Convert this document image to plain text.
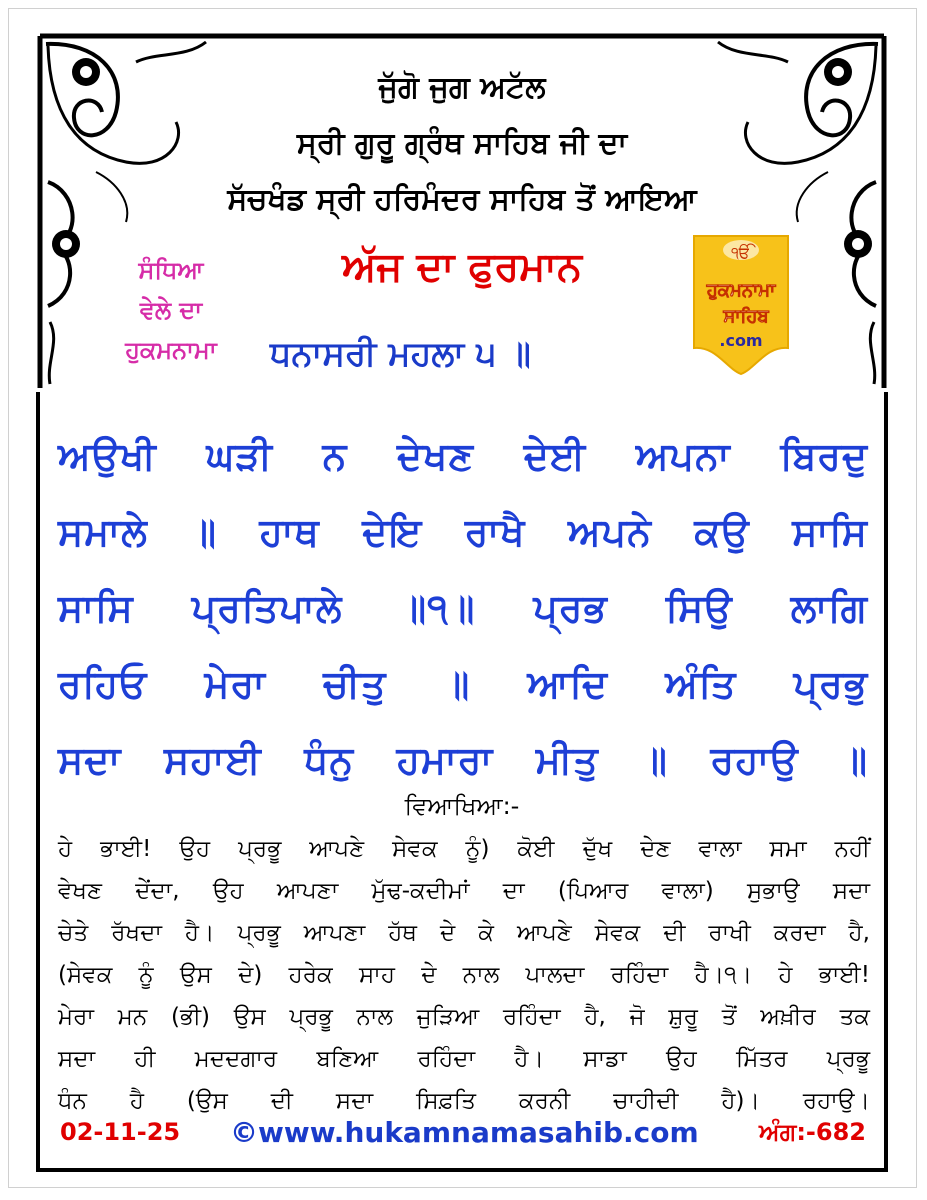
ਜੁੱਗੋ ਜੁਗ ਅਟੱਲ
ਸ੍ਰੀ ਗੁਰੂ ਗ੍ਰੰਥ ਸਾਹਿਬ ਜੀ ਦਾ
ਸੱਚਖੰਡ ਸ੍ਰੀ ਹਰਿਮੰਦਰ ਸਾਹਿਬ ਤੋਂ ਆਇਆ
ਅੱਜ ਦਾ ਫੁਰਮਾਨ
ਸੰਧਿਆ
ਵੇਲੇ ਦਾ
ਹੁਕਮਨਾਮਾ	ਧਨਾਸਰੀ ਮਹਲਾ ੫ ॥
ੴ
ਹੁਕਮਨਾਮਾ
ਸਾਹਿਬ
.com
ਅਉਖੀ ਘੜੀ ਨ ਦੇਖਣ ਦੇਈ ਅਪਨਾ ਬਿਰਦੁ
ਸਮਾਲੇ ॥ ਹਾਥ ਦੇਇ ਰਾਖੈ ਅਪਨੇ ਕਉ ਸਾਸਿ
ਸਾਸਿ ਪ੍ਰਤਿਪਾਲੇ ॥੧॥ ਪ੍ਰਭ ਸਿਉ ਲਾਗਿ
ਰਹਿਓ ਮੇਰਾ ਚੀਤੁ ॥ ਆਦਿ ਅੰਤਿ ਪ੍ਰਭੁ
ਸਦਾ ਸਹਾਈ ਧੰਨੁ ਹਮਾਰਾ ਮੀਤੁ ॥ ਰਹਾਉ ॥
ਵਿਆਖਿਆ:-
ਹੇ ਭਾਈ! ਉਹ ਪ੍ਰਭੂ ਆਪਣੇ ਸੇਵਕ ਨੂੰ) ਕੋਈ ਦੁੱਖ ਦੇਣ ਵਾਲਾ ਸਮਾ ਨਹੀਂ
ਵੇਖਣ ਦੇਂਦਾ, ਉਹ ਆਪਣਾ ਮੁੱਢ-ਕਦੀਮਾਂ ਦਾ (ਪਿਆਰ ਵਾਲਾ) ਸੁਭਾਉ ਸਦਾ
ਚੇਤੇ ਰੱਖਦਾ ਹੈ। ਪ੍ਰਭੂ ਆਪਣਾ ਹੱਥ ਦੇ ਕੇ ਆਪਣੇ ਸੇਵਕ ਦੀ ਰਾਖੀ ਕਰਦਾ ਹੈ,
(ਸੇਵਕ ਨੂੰ ਉਸ ਦੇ) ਹਰੇਕ ਸਾਹ ਦੇ ਨਾਲ ਪਾਲਦਾ ਰਹਿੰਦਾ ਹੈ।੧। ਹੇ ਭਾਈ!
ਮੇਰਾ ਮਨ (ਭੀ) ਉਸ ਪ੍ਰਭੂ ਨਾਲ ਜੁੜਿਆ ਰਹਿੰਦਾ ਹੈ, ਜੋ ਸ਼ੁਰੂ ਤੋਂ ਅਖ਼ੀਰ ਤਕ
ਸਦਾ ਹੀ ਮਦਦਗਾਰ ਬਣਿਆ ਰਹਿੰਦਾ ਹੈ। ਸਾਡਾ ਉਹ ਮਿੱਤਰ ਪ੍ਰਭੂ
ਧੰਨ ਹੈ (ਉਸ ਦੀ ਸਦਾ ਸਿਫ਼ਤਿ ਕਰਨੀ ਚਾਹੀਦੀ ਹੈ)। ਰਹਾਉ।
02-11-25 ©www.hukamnamasahib.com	ਅੰਗ:-682
